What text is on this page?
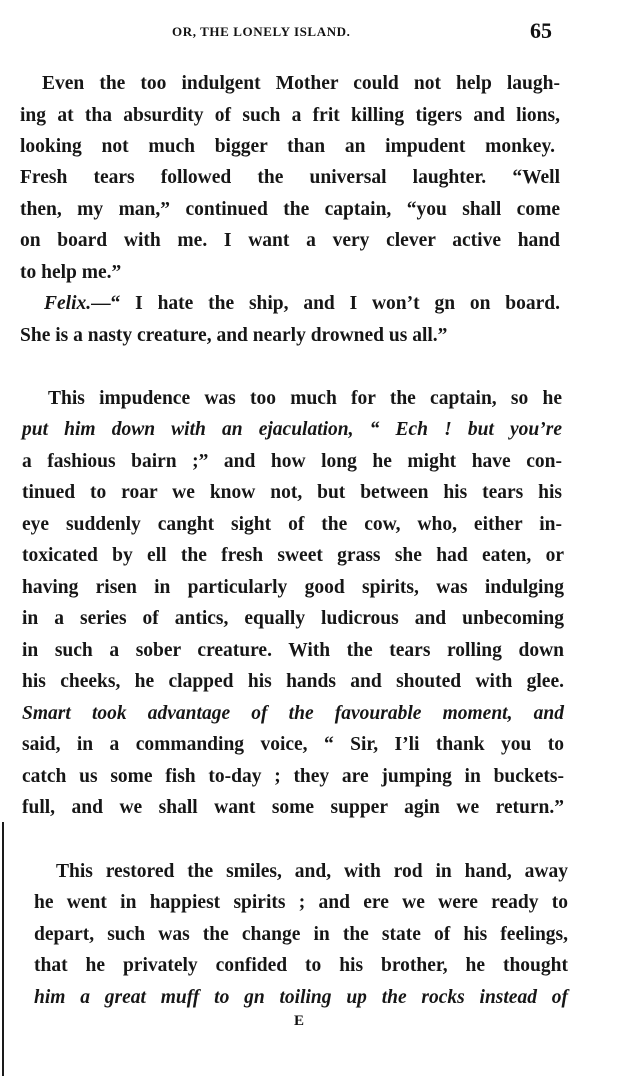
OR, THE LONELY ISLAND.	65
Even the too indulgent Mother could not help laugh-
ing at tha absurdity of such a frit killing tigers and lions,
looking not much bigger than an impudent monkey.
Fresh tears followed the universal laughter. “Well
then, my man,” continued the captain, “you shall come
on board with me. I want a very clever active hand
to help me.”
Felix.—“ I hate the ship, and I won’t gn on board.
She is a nasty creature, and nearly drowned us all.”
This impudence was too much for the captain, so he
put him down with an ejaculation, “ Ech ! but you’re
a fashious bairn ;” and how long he might have con-
tinued to roar we know not, but between his tears his
eye suddenly canght sight of the cow, who, either in-
toxicated by ell the fresh sweet grass she had eaten, or
having risen in particularly good spirits, was indulging
in a series of antics, equally ludicrous and unbecoming
in such a sober creature. With the tears rolling down
his cheeks, he clapped his hands and shouted with glee.
Smart took advantage of the favourable moment, and
said, in a commanding voice, “ Sir, I’li thank you to
catch us some fish to-day ; they are jumping in buckets-
full, and we shall want some supper agin we return.”
This restored the smiles, and, with rod in hand, away
he went in happiest spirits ; and ere we were ready to
depart, such was the change in the state of his feelings,
that he privately confided to his brother, he thought
him a great muff to gn toiling up the rocks instead of
E
